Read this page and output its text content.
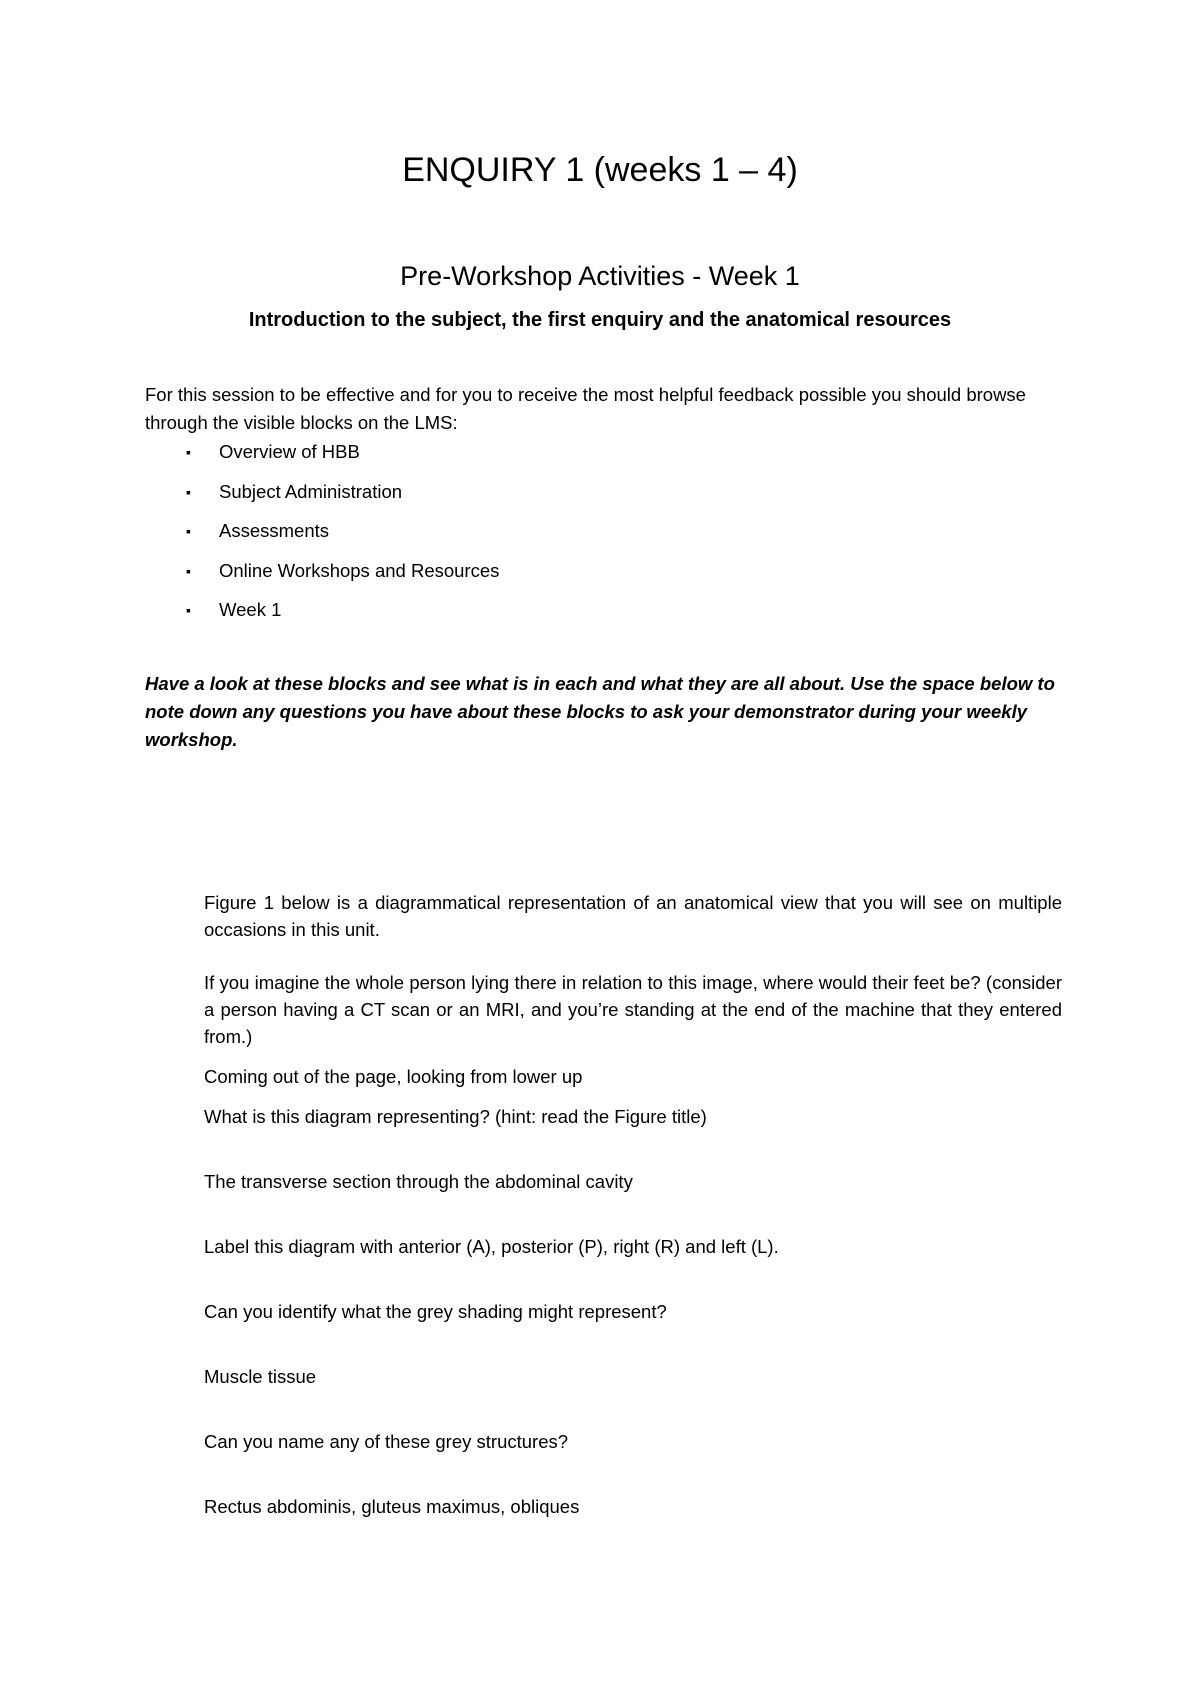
ENQUIRY 1 (weeks 1 – 4)
Pre-Workshop Activities - Week 1
Introduction to the subject, the first enquiry and the anatomical resources

For this session to be effective and for you to receive the most helpful feedback possible you should browse through the visible blocks on the LMS:

▪ Overview of HBB
▪ Subject Administration
▪ Assessments
▪ Online Workshops and Resources
▪ Week 1

Have a look at these blocks and see what is in each and what they are all about. Use the space below to note down any questions you have about these blocks to ask your demonstrator during your weekly workshop.

Figure 1 below is a diagrammatical representation of an anatomical view that you will see on multiple occasions in this unit.

If you imagine the whole person lying there in relation to this image, where would their feet be? (consider a person having a CT scan or an MRI, and you’re standing at the end of the machine that they entered from.)

Coming out of the page, looking from lower up

What is this diagram representing? (hint: read the Figure title)

The transverse section through the abdominal cavity

Label this diagram with anterior (A), posterior (P), right (R) and left (L).

Can you identify what the grey shading might represent?

Muscle tissue

Can you name any of these grey structures?

Rectus abdominis, gluteus maximus, obliques
